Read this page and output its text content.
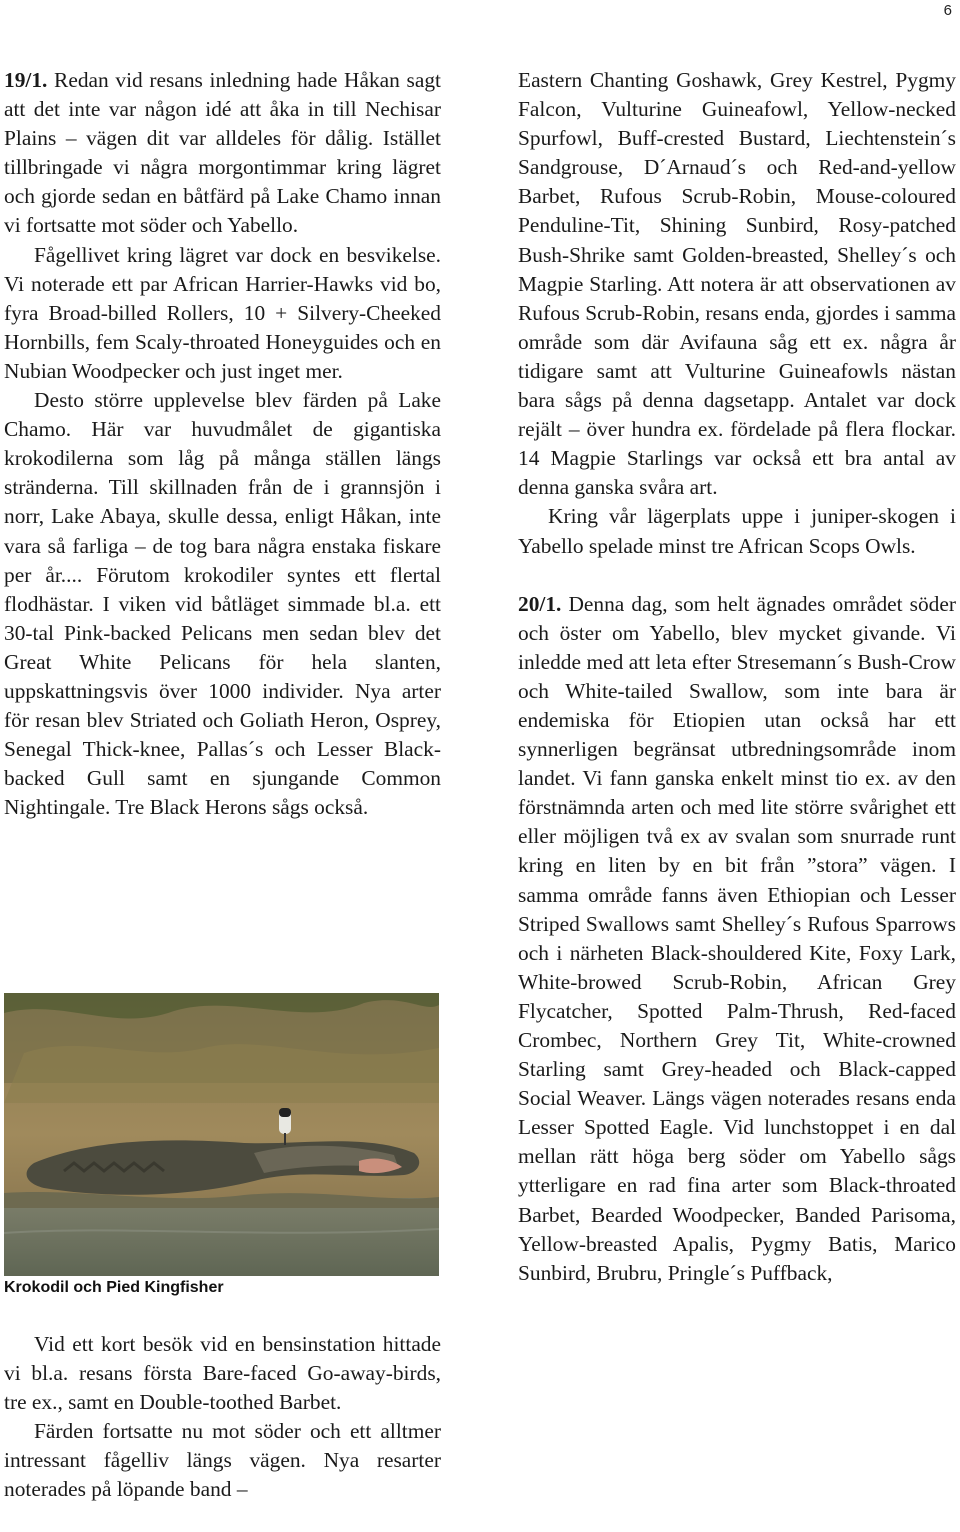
6

19/1. Redan vid resans inledning hade Håkan sagt att det inte var någon idé att åka in till Nechisar Plains – vägen dit var alldeles för dålig. Istället tillbringade vi några morgontimmar kring lägret och gjorde sedan en båtfärd på Lake Chamo innan vi fortsatte mot söder och Yabello.

Fågellivet kring lägret var dock en besvikelse. Vi noterade ett par African Harrier-Hawks vid bo, fyra Broad-billed Rollers, 10 + Silvery-Cheeked Hornbills, fem Scaly-throated Honeyguides och en Nubian Woodpecker och just inget mer.

Desto större upplevelse blev färden på Lake Chamo. Här var huvudmålet de gigantiska krokodilerna som låg på många ställen längs stränderna. Till skillnaden från de i grannsjön i norr, Lake Abaya, skulle dessa, enligt Håkan, inte vara så farliga – de tog bara några enstaka fiskare per år.... Förutom krokodiler syntes ett flertal flodhästar. I viken vid båtläget simmade bl.a. ett 30-tal Pink-backed Pelicans men sedan blev det Great White Pelicans för hela slanten, uppskattningsvis över 1000 individer. Nya arter för resan blev Striated och Goliath Heron, Osprey, Senegal Thick-knee, Pallas´s och Lesser Black-backed Gull samt en sjungande Common Nightingale. Tre Black Herons sågs också.

Krokodil och Pied Kingfisher

Vid ett kort besök vid en bensinstation hittade vi bl.a. resans första Bare-faced Go-away-birds, tre ex., samt en Double-toothed Barbet.

Färden fortsatte nu mot söder och ett alltmer intressant fågelliv längs vägen. Nya resarter noterades på löpande band –

Eastern Chanting Goshawk, Grey Kestrel, Pygmy Falcon, Vulturine Guineafowl, Yellow-necked Spurfowl, Buff-crested Bustard, Liechtenstein´s Sandgrouse, D´Arnaud´s och Red-and-yellow Barbet, Rufous Scrub-Robin, Mouse-coloured Penduline-Tit, Shining Sunbird, Rosy-patched Bush-Shrike samt Golden-breasted, Shelley´s och Magpie Starling. Att notera är att observationen av Rufous Scrub-Robin, resans enda, gjordes i samma område som där Avifauna såg ett ex. några år tidigare samt att Vulturine Guineafowls nästan bara sågs på denna dagsetapp. Antalet var dock rejält – över hundra ex. fördelade på flera flockar. 14 Magpie Starlings var också ett bra antal av denna ganska svåra art.

Kring vår lägerplats uppe i juniper-skogen i Yabello spelade minst tre African Scops Owls.

20/1. Denna dag, som helt ägnades området söder och öster om Yabello, blev mycket givande. Vi inledde med att leta efter Stresemann´s Bush-Crow och White-tailed Swallow, som inte bara är endemiska för Etiopien utan också har ett synnerligen begränsat utbredningsområde inom landet. Vi fann ganska enkelt minst tio ex. av den förstnämnda arten och med lite större svårighet ett eller möjligen två ex av svalan som snurrade runt kring en liten by en bit från ”stora” vägen. I samma område fanns även Ethiopian och Lesser Striped Swallows samt Shelley´s Rufous Sparrows och i närheten Black-shouldered Kite, Foxy Lark, White-browed Scrub-Robin, African Grey Flycatcher, Spotted Palm-Thrush, Red-faced Crombec, Northern Grey Tit, White-crowned Starling samt Grey-headed och Black-capped Social Weaver. Längs vägen noterades resans enda Lesser Spotted Eagle. Vid lunchstoppet i en dal mellan rätt höga berg söder om Yabello sågs ytterligare en rad fina arter som Black-throated Barbet, Bearded Woodpecker, Banded Parisoma, Yellow-breasted Apalis, Pygmy Batis, Marico Sunbird, Brubru, Pringle´s Puffback,
